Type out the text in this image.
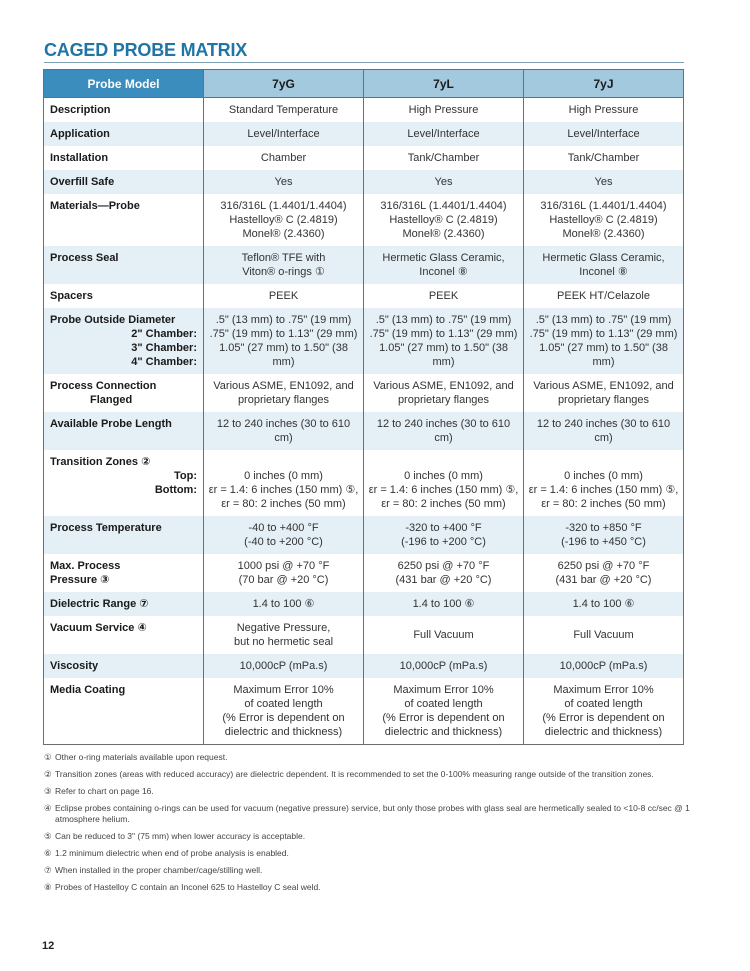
CAGED PROBE MATRIX
Probe Model	7yG	7yL	7yJ
Description	Standard Temperature	High Pressure	High Pressure
Application	Level/Interface	Level/Interface	Level/Interface
Installation	Chamber	Tank/Chamber	Tank/Chamber
Overfill Safe	Yes	Yes	Yes
Materials—Probe	316/316L (1.4401/1.4404)
Hastelloy® C (2.4819)
Monel® (2.4360)	316/316L (1.4401/1.4404)
Hastelloy® C (2.4819)
Monel® (2.4360)	316/316L (1.4401/1.4404)
Hastelloy® C (2.4819)
Monel® (2.4360)

Process Seal	Teflon® TFE with
Viton® o-rings ①	Hermetic Glass Ceramic,
Inconel ⑧	Hermetic Glass Ceramic,
Inconel ⑧

Spacers	PEEK	PEEK	PEEK HT/Celazole

Probe Outside Diameter
2" Chamber:
3" Chamber:
4" Chamber:	.5" (13 mm) to .75" (19 mm)
.75" (19 mm) to 1.13" (29 mm)
1.05" (27 mm) to 1.50" (38 mm)	.5" (13 mm) to .75" (19 mm)
.75" (19 mm) to 1.13" (29 mm)
1.05" (27 mm) to 1.50" (38 mm)	.5" (13 mm) to .75" (19 mm)
.75" (19 mm) to 1.13" (29 mm)
1.05" (27 mm) to 1.50" (38 mm)

Process Connection
Flanged	Various ASME, EN1092, and
proprietary flanges	Various ASME, EN1092, and
proprietary flanges	Various ASME, EN1092, and
proprietary flanges

Available Probe Length	12 to 240 inches (30 to 610 cm)	12 to 240 inches (30 to 610 cm)	12 to 240 inches (30 to 610 cm)

Transition Zones ②
Top:
Bottom:	0 inches (0 mm)
εr = 1.4: 6 inches (150 mm) ⑤,
εr = 80: 2 inches (50 mm)	0 inches (0 mm)
εr = 1.4: 6 inches (150 mm) ⑤,
εr = 80: 2 inches (50 mm)	0 inches (0 mm)
εr = 1.4: 6 inches (150 mm) ⑤,
εr = 80: 2 inches (50 mm)

Process Temperature	-40 to +400 °F
(-40 to +200 °C)	-320 to +400 °F
(-196 to +200 °C)	-320 to +850 °F
(-196 to +450 °C)

Max. Process
Pressure ③	1000 psi @ +70 °F
(70 bar @ +20 °C)	6250 psi @ +70 °F
(431 bar @ +20 °C)	6250 psi @ +70 °F
(431 bar @ +20 °C)

Dielectric Range ⑦	1.4 to 100 ⑥	1.4 to 100 ⑥	1.4 to 100 ⑥
Vacuum Service ④	Negative Pressure,
but no hermetic seal	Full Vacuum	Full Vacuum

Viscosity	10,000cP (mPa.s)	10,000cP (mPa.s)	10,000cP (mPa.s)
Media Coating	Maximum Error 10%
of coated length
(% Error is dependent on
dielectric and thickness)	Maximum Error 10%
of coated length
(% Error is dependent on
dielectric and thickness)	Maximum Error 10%
of coated length
(% Error is dependent on
dielectric and thickness)
① Other o-ring materials available upon request.
② Transition zones (areas with reduced accuracy) are dielectric dependent. It is recommended to set the 0-100% measuring range outside of the transition zones.
③ Refer to chart on page 16.
④ Eclipse probes containing o-rings can be used for vacuum (negative pressure) service, but only those probes with glass seal are hermetically sealed to <10-8 cc/sec @ 1 atmosphere helium.
⑤ Can be reduced to 3" (75 mm) when lower accuracy is acceptable.
⑥ 1.2 minimum dielectric when end of probe analysis is enabled.
⑦ When installed in the proper chamber/cage/stilling well.
⑧ Probes of Hastelloy C contain an Inconel 625 to Hastelloy C seal weld.
12
